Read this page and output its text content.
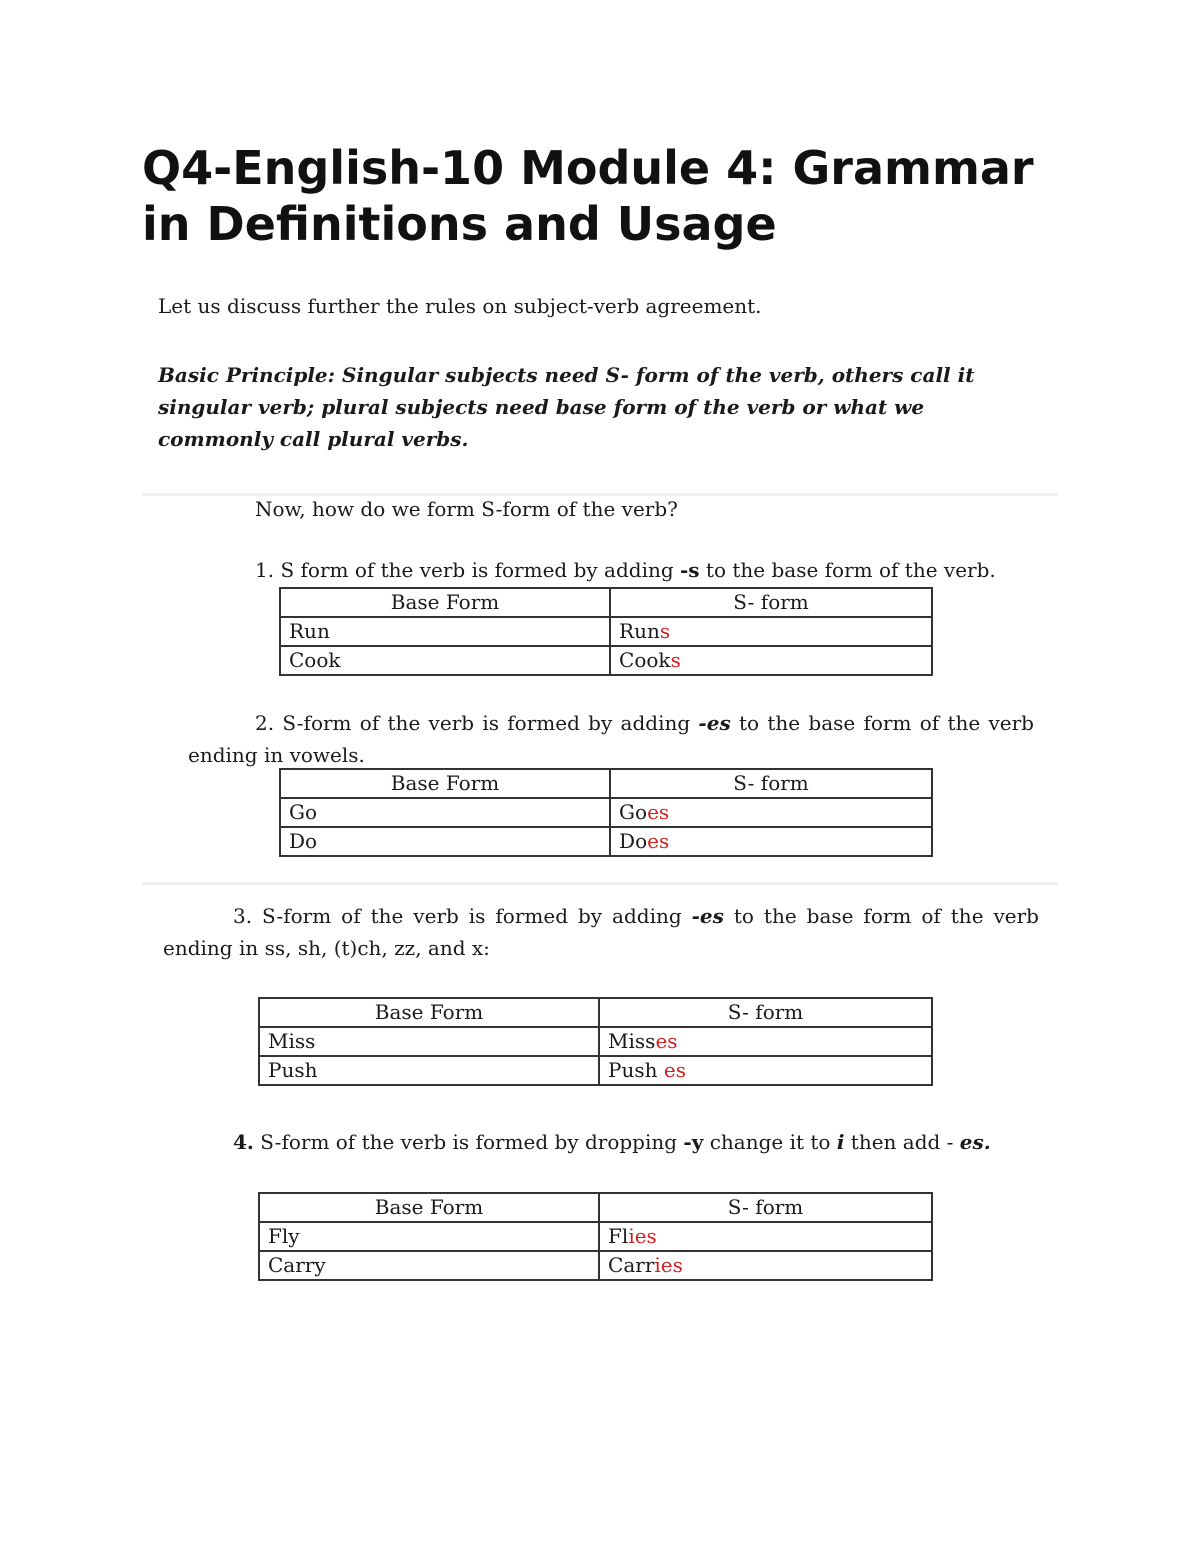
Q4-English-10 Module 4: Grammar in Definitions and Usage

Let us discuss further the rules on subject-verb agreement.

Basic Principle: Singular subjects need S- form of the verb, others call it singular verb; plural subjects need base form of the verb or what we commonly call plural verbs.

Now, how do we form S-form of the verb?

1. S form of the verb is formed by adding -s to the base form of the verb.

Base Form	S- form
Run	Runs
Cook	Cooks

2. S-form of the verb is formed by adding -es to the base form of the verb ending in vowels.

Base Form	S- form
Go	Goes
Do	Does

3. S-form of the verb is formed by adding -es to the base form of the verb ending in ss, sh, (t)ch, zz, and x:

Base Form	S- form
Miss	Misses
Push	Push es

4. S-form of the verb is formed by dropping -y change it to i then add - es.

Base Form	S- form
Fly	Flies
Carry	Carries
